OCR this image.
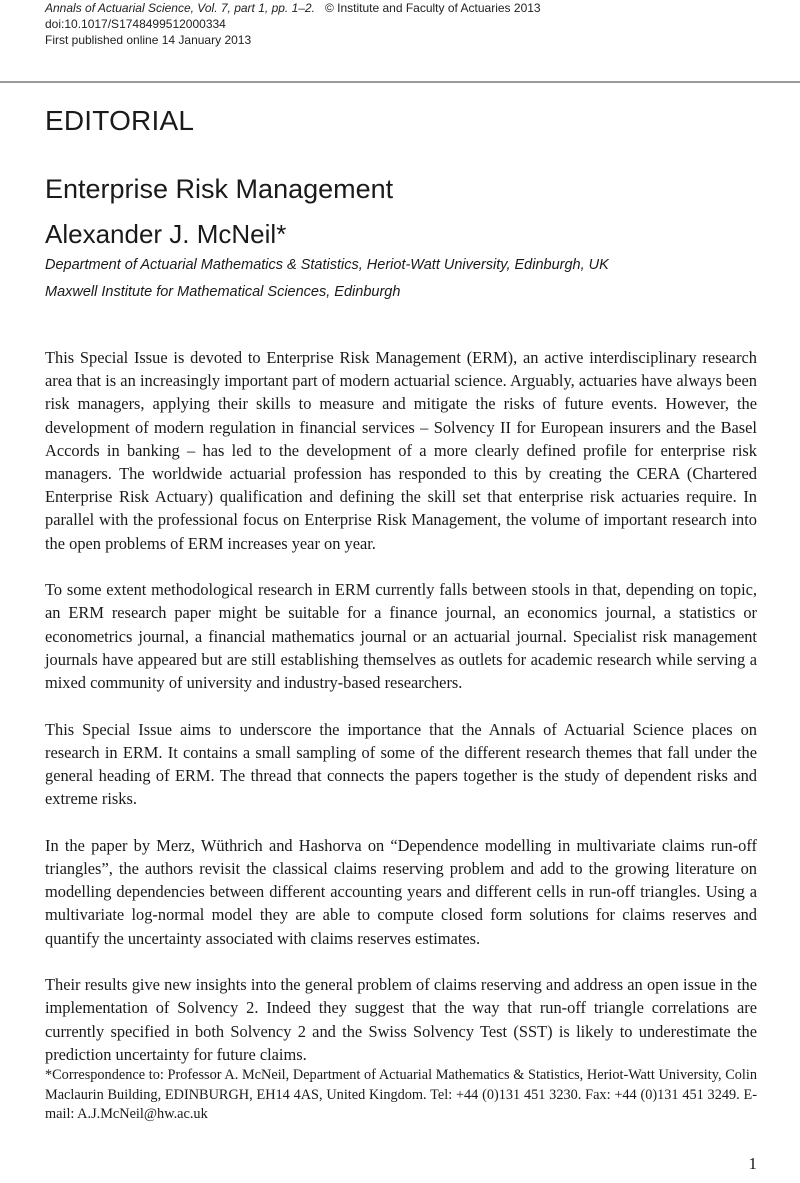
Annals of Actuarial Science, Vol. 7, part 1, pp. 1–2. © Institute and Faculty of Actuaries 2013
doi:10.1017/S1748499512000334
First published online 14 January 2013
EDITORIAL
Enterprise Risk Management
Alexander J. McNeil*
Department of Actuarial Mathematics & Statistics, Heriot-Watt University, Edinburgh, UK
Maxwell Institute for Mathematical Sciences, Edinburgh

This Special Issue is devoted to Enterprise Risk Management (ERM), an active interdisciplinary research area that is an increasingly important part of modern actuarial science. Arguably, actuaries have always been risk managers, applying their skills to measure and mitigate the risks of future events. However, the development of modern regulation in financial services – Solvency II for European insurers and the Basel Accords in banking – has led to the development of a more clearly defined profile for enterprise risk managers. The worldwide actuarial profession has responded to this by creating the CERA (Chartered Enterprise Risk Actuary) qualification and defining the skill set that enterprise risk actuaries require. In parallel with the professional focus on Enterprise Risk Management, the volume of important research into the open problems of ERM increases year on year.

To some extent methodological research in ERM currently falls between stools in that, depending on topic, an ERM research paper might be suitable for a finance journal, an economics journal, a statistics or econometrics journal, a financial mathematics journal or an actuarial journal. Specialist risk management journals have appeared but are still establishing themselves as outlets for academic research while serving a mixed community of university and industry-based researchers.

This Special Issue aims to underscore the importance that the Annals of Actuarial Science places on research in ERM. It contains a small sampling of some of the different research themes that fall under the general heading of ERM. The thread that connects the papers together is the study of dependent risks and extreme risks.

In the paper by Merz, Wüthrich and Hashorva on “Dependence modelling in multivariate claims run-off triangles”, the authors revisit the classical claims reserving problem and add to the growing literature on modelling dependencies between different accounting years and different cells in run-off triangles. Using a multivariate log-normal model they are able to compute closed form solutions for claims reserves and quantify the uncertainty associated with claims reserves estimates.

Their results give new insights into the general problem of claims reserving and address an open issue in the implementation of Solvency 2. Indeed they suggest that the way that run-off triangle correlations are currently specified in both Solvency 2 and the Swiss Solvency Test (SST) is likely to underestimate the prediction uncertainty for future claims.

*Correspondence to: Professor A. McNeil, Department of Actuarial Mathematics & Statistics, Heriot-Watt University, Colin Maclaurin Building, EDINBURGH, EH14 4AS, United Kingdom. Tel: +44 (0)131 451 3230. Fax: +44 (0)131 451 3249. E-mail: A.J.McNeil@hw.ac.uk
1
